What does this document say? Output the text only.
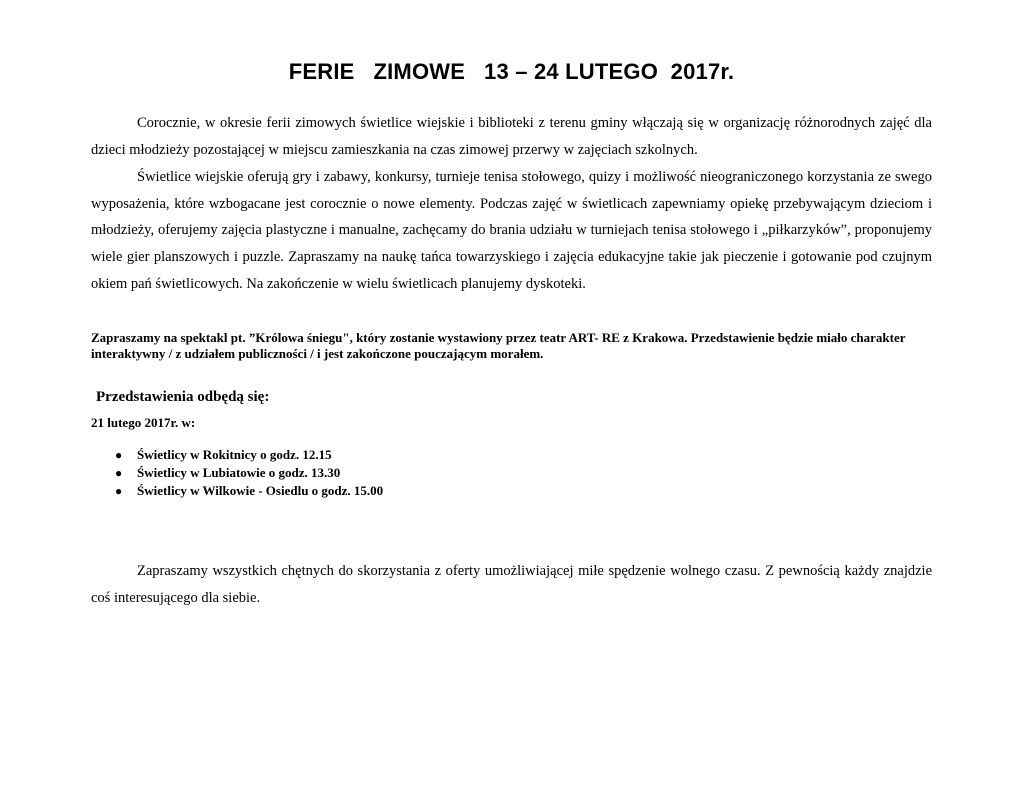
FERIE   ZIMOWE   13 – 24 LUTEGO  2017r.

Corocznie, w okresie ferii zimowych świetlice wiejskie i biblioteki z terenu gminy włączają się w organizację różnorodnych zajęć dla dzieci młodzieży pozostającej w miejscu zamieszkania na czas zimowej przerwy w zajęciach szkolnych.

Świetlice wiejskie oferują gry i zabawy, konkursy, turnieje tenisa stołowego, quizy i możliwość nieograniczonego korzystania ze swego wyposażenia, które wzbogacane jest corocznie o nowe elementy. Podczas zajęć w świetlicach zapewniamy opiekę przebywającym dzieciom i młodzieży, oferujemy zajęcia plastyczne i manualne, zachęcamy do brania udziału w turniejach tenisa stołowego i „piłkarzyków”, proponujemy wiele gier planszowych i puzzle. Zapraszamy na naukę tańca towarzyskiego i zajęcia edukacyjne takie jak pieczenie i gotowanie pod czujnym okiem pań świetlicowych. Na zakończenie w wielu świetlicach planujemy dyskoteki.

Zapraszamy na spektakl pt. ”Królowa śniegu", który zostanie wystawiony przez teatr ART- RE z Krakowa. Przedstawienie będzie miało charakter interaktywny / z udziałem publiczności / i jest zakończone pouczającym morałem.

Przedstawienia odbędą się:

21 lutego 2017r. w:

● Świetlicy w Rokitnicy o godz. 12.15
● Świetlicy w Lubiatowie o godz. 13.30
● Świetlicy w Wilkowie - Osiedlu o godz. 15.00

Zapraszamy wszystkich chętnych do skorzystania z oferty umożliwiającej miłe spędzenie wolnego czasu. Z pewnością każdy znajdzie coś interesującego dla siebie.
